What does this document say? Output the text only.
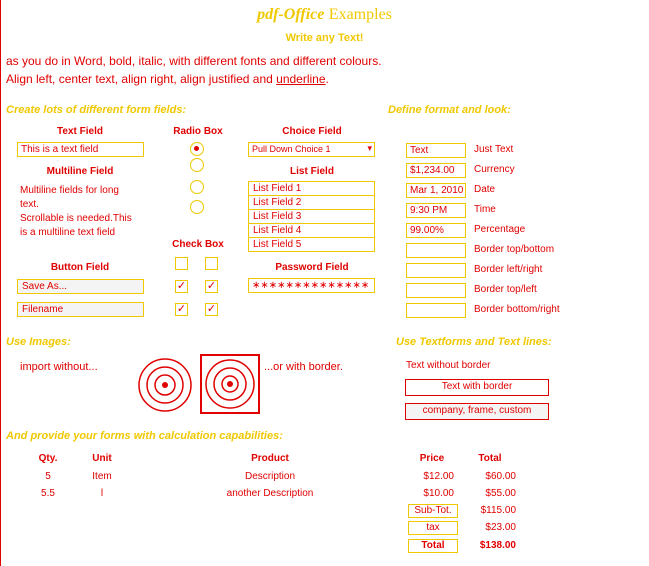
pdf-Office Examples
Write any Text!
as you do in Word, bold, italic, with different fonts and different colours.
Align left, center text, align right, align justified and underline.
Create lots of different form fields:
Text Field
This is a text field
Radio Box	Choice Field
Pull Down Choice 1	▾
Multiline Field
Multiline fields for long
text.
Scrollable is needed.This
is a multiline text field
List Field
List Field 1
List Field 2
List Field 3
List Field 4
List Field 5
Check Box
✓ ✓
✓ ✓
Button Field
Save As...
Filename
Password Field
∗∗∗∗∗∗∗∗∗∗∗∗∗∗
Define format and look:
Text	Just Text
$1,234.00	Currency
Mar 1, 2010 Date
9:30 PM	Time
99.00%	Percentage
Border top/bottom
Border left/right
Border top/left
Border bottom/right
Use Images:
import without...	...or with border.
Use Textforms and Text lines:
Text without border
Text with border
company, frame, custom
And provide your forms with calculation capabilities:
Qty.	Unit	Product	Price	Total
5	Item	Description	$12.00	$60.00
5.5	l	another Description	$10.00	$55.00
Sub-Tot.	$115.00
tax	$23.00
Total	$138.00
